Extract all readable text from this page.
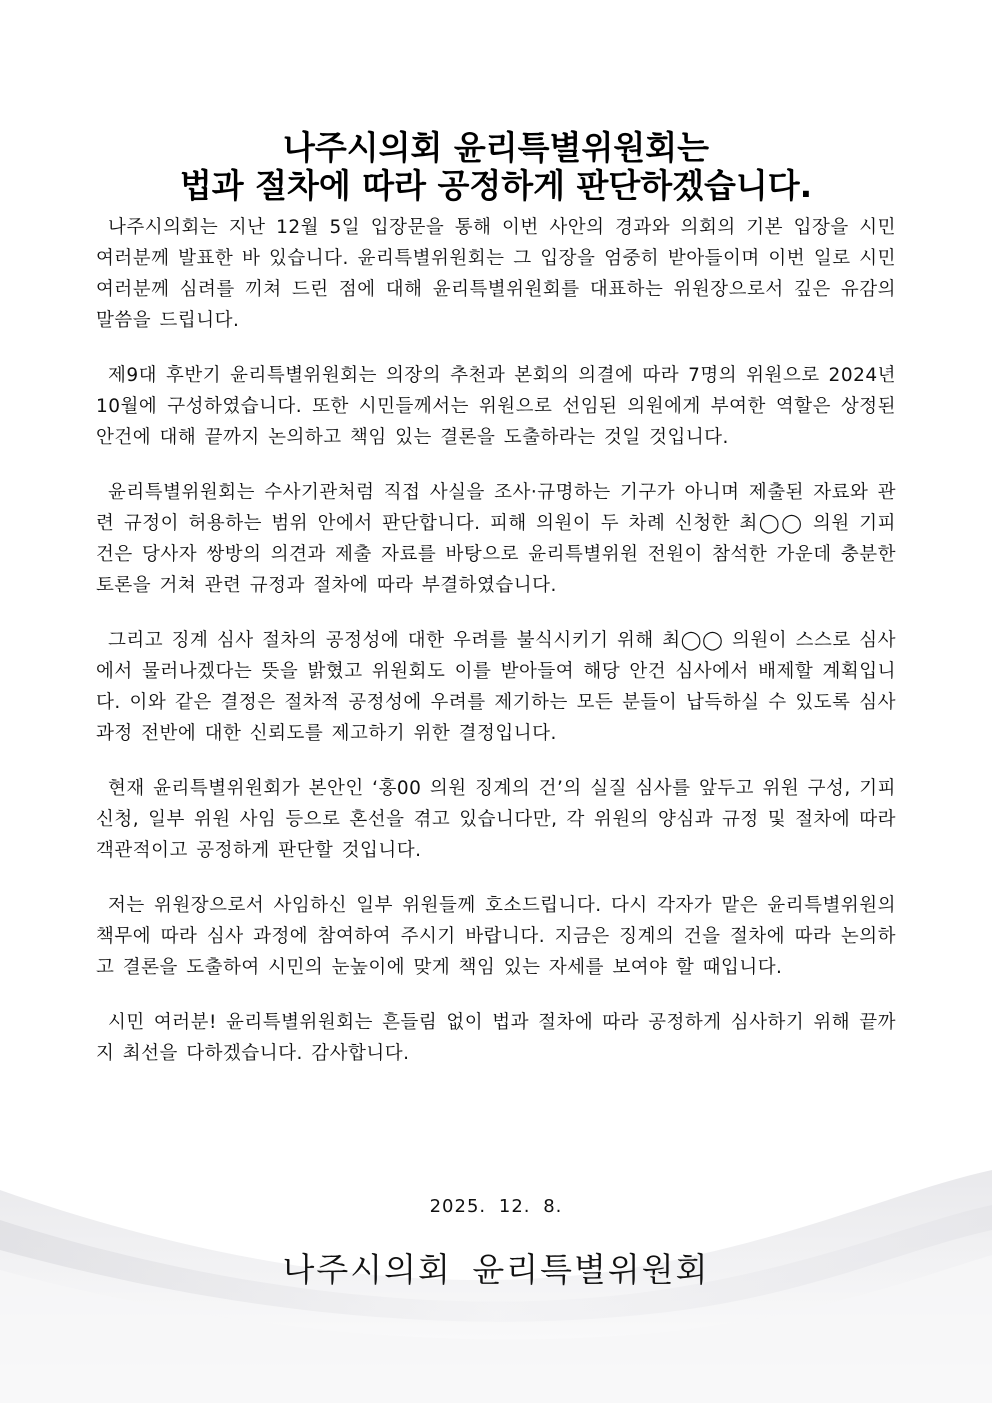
나주시의회 윤리특별위원회는
법과 절차에 따라 공정하게 판단하겠습니다.

나주시의회는 지난 12월 5일 입장문을 통해 이번 사안의 경과와 의회의 기본 입장을 시민 여러분께 발표한 바 있습니다. 윤리특별위원회는 그 입장을 엄중히 받아들이며 이번 일로 시민 여러분께 심려를 끼쳐 드린 점에 대해 윤리특별위원회를 대표하는 위원장으로서 깊은 유감의 말씀을 드립니다.

제9대 후반기 윤리특별위원회는 의장의 추천과 본회의 의결에 따라 7명의 위원으로 2024년 10월에 구성하였습니다. 또한 시민들께서는 위원으로 선임된 의원에게 부여한 역할은 상정된 안건에 대해 끝까지 논의하고 책임 있는 결론을 도출하라는 것일 것입니다.

윤리특별위원회는 수사기관처럼 직접 사실을 조사·규명하는 기구가 아니며 제출된 자료와 관련 규정이 허용하는 범위 안에서 판단합니다. 피해 의원이 두 차례 신청한 최◯◯ 의원 기피 건은 당사자 쌍방의 의견과 제출 자료를 바탕으로 윤리특별위원 전원이 참석한 가운데 충분한 토론을 거쳐 관련 규정과 절차에 따라 부결하였습니다.

그리고 징계 심사 절차의 공정성에 대한 우려를 불식시키기 위해 최◯◯ 의원이 스스로 심사에서 물러나겠다는 뜻을 밝혔고 위원회도 이를 받아들여 해당 안건 심사에서 배제할 계획입니다. 이와 같은 결정은 절차적 공정성에 우려를 제기하는 모든 분들이 납득하실 수 있도록 심사 과정 전반에 대한 신뢰도를 제고하기 위한 결정입니다.

현재 윤리특별위원회가 본안인 ‘홍00 의원 징계의 건’의 실질 심사를 앞두고 위원 구성, 기피 신청, 일부 위원 사임 등으로 혼선을 겪고 있습니다만, 각 위원의 양심과 규정 및 절차에 따라 객관적이고 공정하게 판단할 것입니다.

저는 위원장으로서 사임하신 일부 위원들께 호소드립니다. 다시 각자가 맡은 윤리특별위원의 책무에 따라 심사 과정에 참여하여 주시기 바랍니다. 지금은 징계의 건을 절차에 따라 논의하고 결론을 도출하여 시민의 눈높이에 맞게 책임 있는 자세를 보여야 할 때입니다.

시민 여러분! 윤리특별위원회는 흔들림 없이 법과 절차에 따라 공정하게 심사하기 위해 끝까지 최선을 다하겠습니다. 감사합니다.

2025. 12. 8.
나주시의회 윤리특별위원회
